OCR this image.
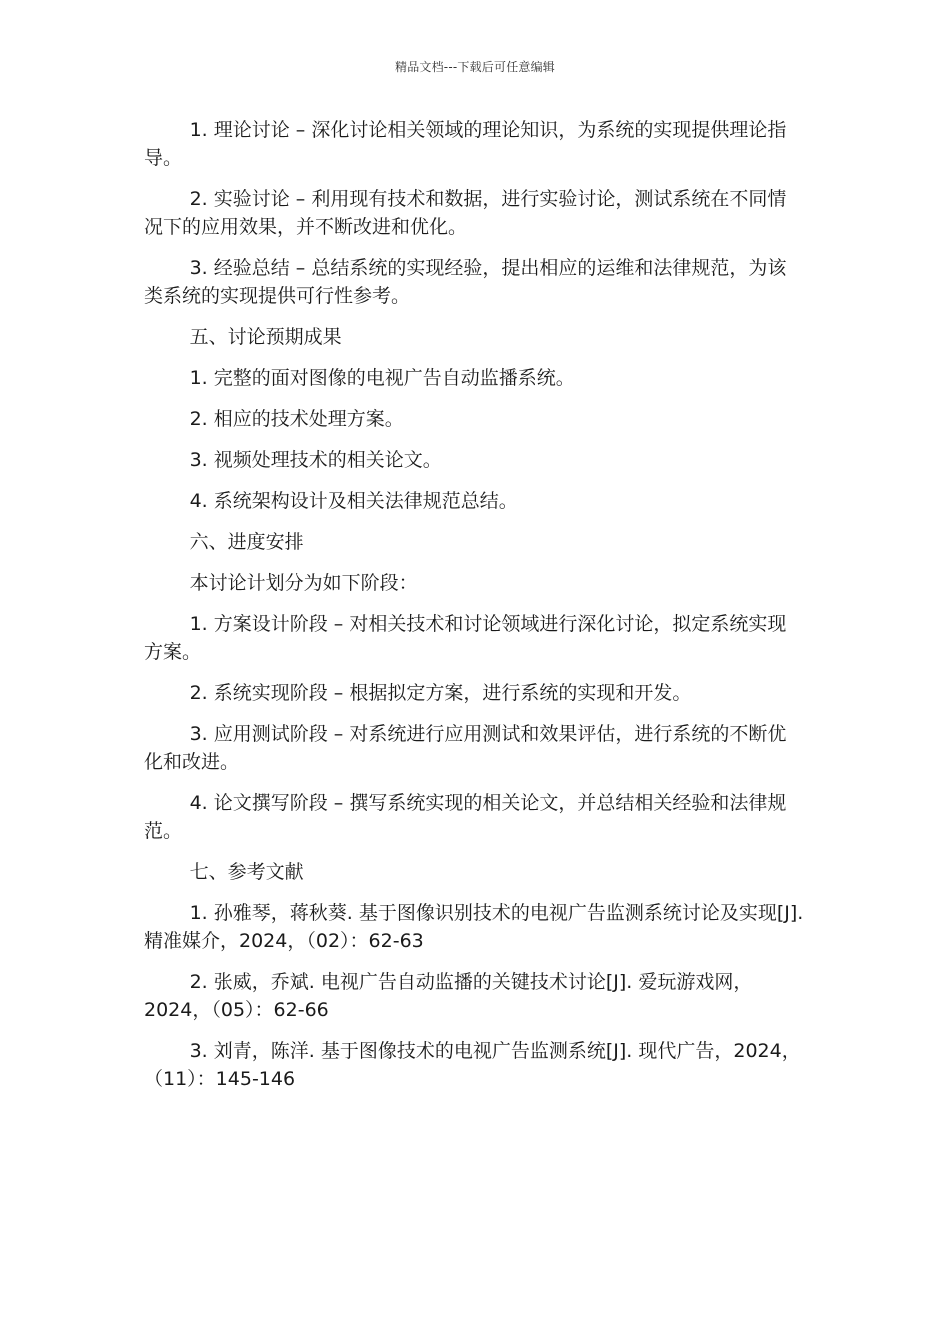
精品文档---下载后可任意编辑

1. 理论讨论 – 深化讨论相关领域的理论知识，为系统的实现提供理论指导。

2. 实验讨论 – 利用现有技术和数据，进行实验讨论，测试系统在不同情况下的应用效果，并不断改进和优化。

3. 经验总结 – 总结系统的实现经验，提出相应的运维和法律规范，为该类系统的实现提供可行性参考。

五、讨论预期成果

1. 完整的面对图像的电视广告自动监播系统。

2. 相应的技术处理方案。

3. 视频处理技术的相关论文。

4. 系统架构设计及相关法律规范总结。

六、进度安排

本讨论计划分为如下阶段：

1. 方案设计阶段 – 对相关技术和讨论领域进行深化讨论，拟定系统实现方案。

2. 系统实现阶段 – 根据拟定方案，进行系统的实现和开发。

3. 应用测试阶段 – 对系统进行应用测试和效果评估，进行系统的不断优化和改进。

4. 论文撰写阶段 – 撰写系统实现的相关论文，并总结相关经验和法律规范。

七、参考文献

1. 孙雅琴，蒋秋葵. 基于图像识别技术的电视广告监测系统讨论及实现[J]. 精准媒介，2024，（02）：62-63

2. 张威，乔斌. 电视广告自动监播的关键技术讨论[J]. 爱玩游戏网，2024，（05）：62-66

3. 刘青，陈洋. 基于图像技术的电视广告监测系统[J]. 现代广告，2024，（11）：145-146
